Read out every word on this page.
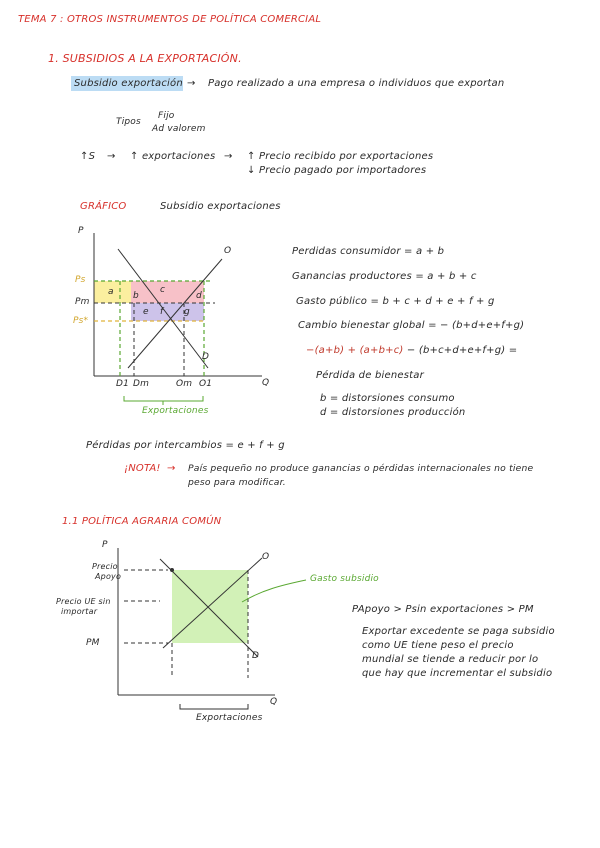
TEMA 7 : OTROS INSTRUMENTOS DE POLÍTICA COMERCIAL
1. SUBSIDIOS A LA EXPORTACIÓN.
Subsidio exportación → Pago realizado a una empresa o individuos que exportan
Tipos
Fijo
Ad valorem
↑S → ↑ exportaciones → ↑ Precio recibido por exportaciones
↓ Precio pagado por importadores
GRÁFICO	Subsidio exportaciones
P
Q
O
D
Ps
Pm
Ps*
a b
c
d
e f g
D1 Dm	Om O1
Exportaciones
Perdidas consumidor = a + b
Ganancias productores = a + b + c
Gasto público = b + c + d + e + f + g
Cambio bienestar global = − (b+d+e+f+g)
−(a+b) + (a+b+c) − (b+c+d+e+f+g) =
Pérdida de bienestar
b = distorsiones consumo
d = distorsiones producción
Pérdidas por intercambios = e + f + g
¡NOTA! → País pequeño no produce ganancias o pérdidas internacionales no tiene
peso para modificar.
1.1 POLÍTICA AGRARIA COMÚN
P
Q
O
D
Precio
Apoyo
Precio UE sin
importar
PM
Gasto subsidio
Exportaciones
PApoyo > Psin exportaciones > PM
Exportar excedente se paga subsidio
como UE tiene peso el precio
mundial se tiende a reducir por lo
que hay que incrementar el subsidio
